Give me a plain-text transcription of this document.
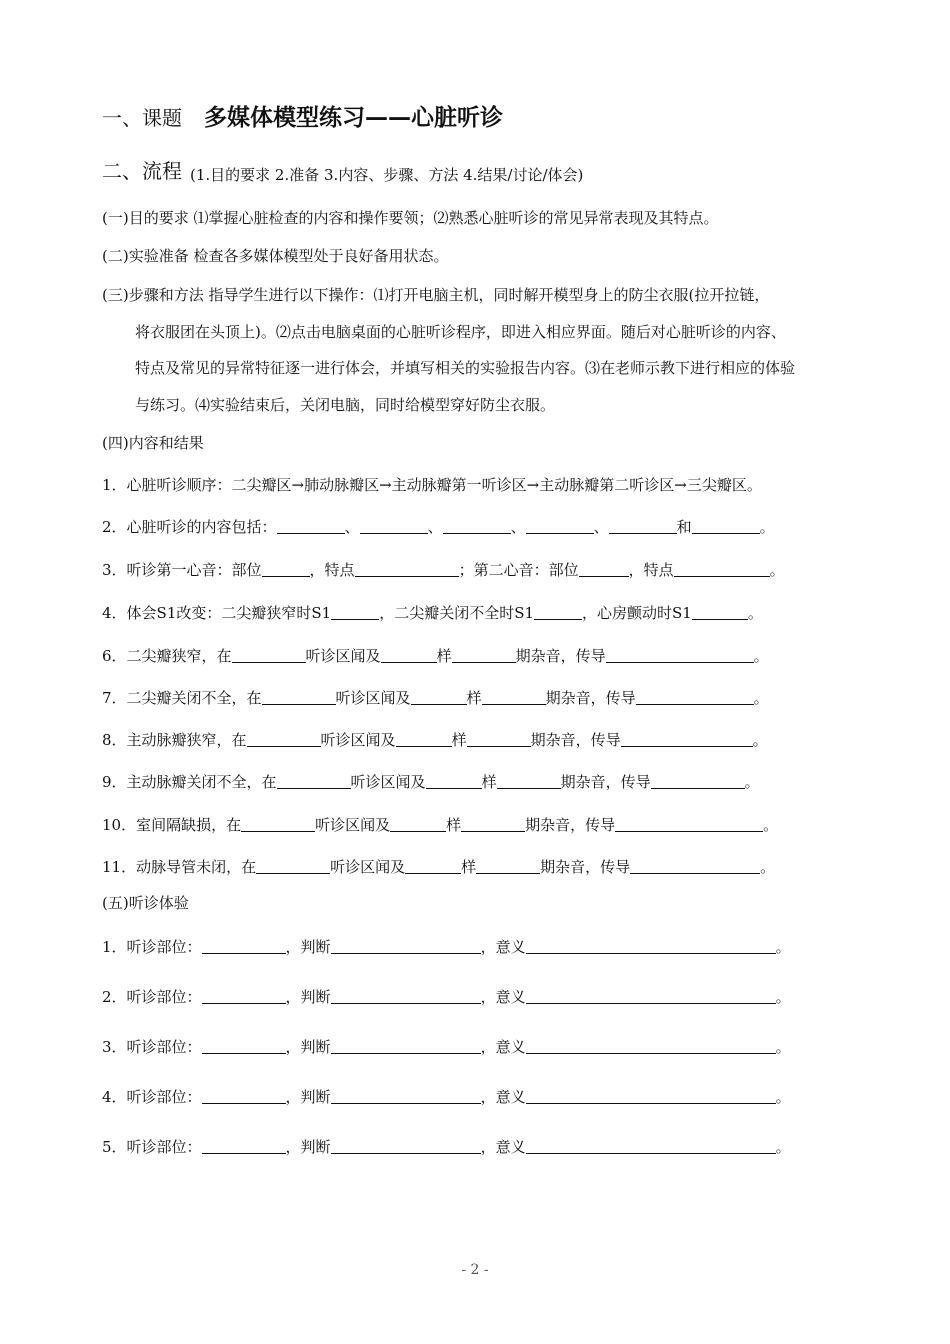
一、课题 多媒体模型练习——心脏听诊
二、流程 (1.目的要求 2.准备 3.内容、步骤、方法 4.结果/讨论/体会)
(一)目的要求 ⑴掌握心脏检查的内容和操作要领；⑵熟悉心脏听诊的常见异常表现及其特点。
(二)实验准备 检查各多媒体模型处于良好备用状态。
(三)步骤和方法 指导学生进行以下操作：⑴打开电脑主机，同时解开模型身上的防尘衣服(拉开拉链，
将衣服团在头顶上)。⑵点击电脑桌面的心脏听诊程序，即进入相应界面。随后对心脏听诊的内容、
特点及常见的异常特征逐一进行体会，并填写相关的实验报告内容。⑶在老师示教下进行相应的体验
与练习。⑷实验结束后，关闭电脑，同时给模型穿好防尘衣服。
(四)内容和结果
1．心脏听诊顺序：二尖瓣区→肺动脉瓣区→主动脉瓣第一听诊区→主动脉瓣第二听诊区→三尖瓣区。
2．心脏听诊的内容包括：	、	、	、	、	和	。
3．听诊第一心音：部位	，特点	；第二心音：部位	，特点	。
4．体会S1改变：二尖瓣狭窄时S1	，二尖瓣关闭不全时S1	，心房颤动时S1	。
6．二尖瓣狭窄，在	听诊区闻及	样	期杂音，传导	。
7．二尖瓣关闭不全，在	听诊区闻及	样	期杂音，传导	。
8．主动脉瓣狭窄，在	听诊区闻及	样	期杂音，传导	。
9．主动脉瓣关闭不全，在	听诊区闻及	样	期杂音，传导	。
10．室间隔缺损，在	听诊区闻及	样	期杂音，传导	。
11．动脉导管未闭，在	听诊区闻及	样	期杂音，传导	。
(五)听诊体验
1．听诊部位：	，判断	，意义	。
2．听诊部位：	，判断	，意义	。
3．听诊部位：	，判断	，意义	。
4．听诊部位：	，判断	，意义	。
5．听诊部位：	，判断	，意义	。
- 2 -
